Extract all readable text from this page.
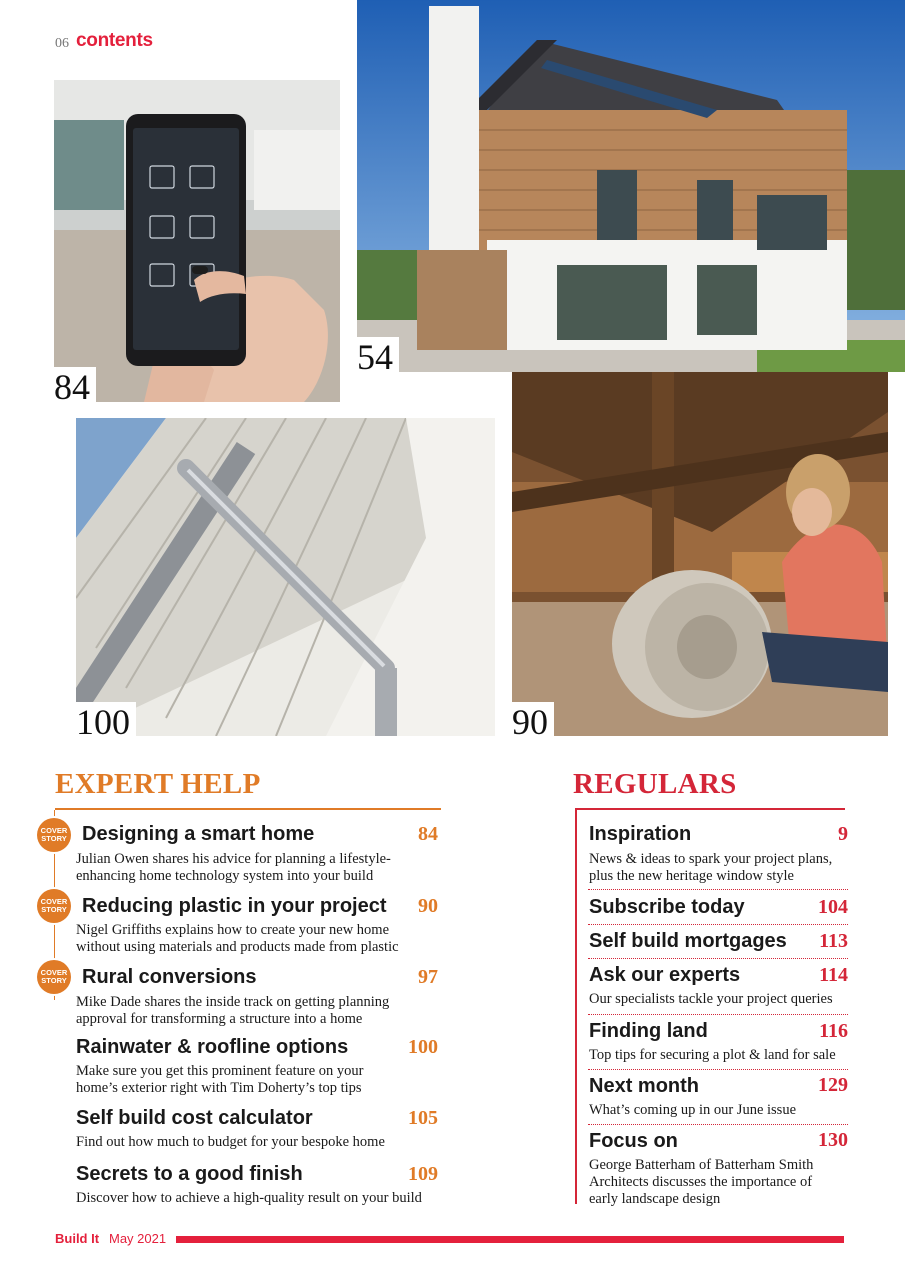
06 contents
84
54
100	90
EXPERT HELP
COVER
STORY Designing a smart home	84
Julian Owen shares his advice for planning a lifestyle-
enhancing home technology system into your build
COVER
STORY Reducing plastic in your project	90
Nigel Griffiths explains how to create your new home
without using materials and products made from plastic
COVER
STORY Rural conversions	97
Mike Dade shares the inside track on getting planning
approval for transforming a structure into a home
Rainwater & roofline options	100
Make sure you get this prominent feature on your
home’s exterior right with Tim Doherty’s top tips
Self build cost calculator	105
Find out how much to budget for your bespoke home
Secrets to a good finish	109
Discover how to achieve a high-quality result on your build
REGULARS
Inspiration	9
News & ideas to spark your project plans,
plus the new heritage window style
Subscribe today	104
Self build mortgages	113
Ask our experts	114
Our specialists tackle your project queries
Finding land	116
Top tips for securing a plot & land for sale
Next month	129
What’s coming up in our June issue
Focus on	130
George Batterham of Batterham Smith
Architects discusses the importance of
early landscape design
Build It May 2021
